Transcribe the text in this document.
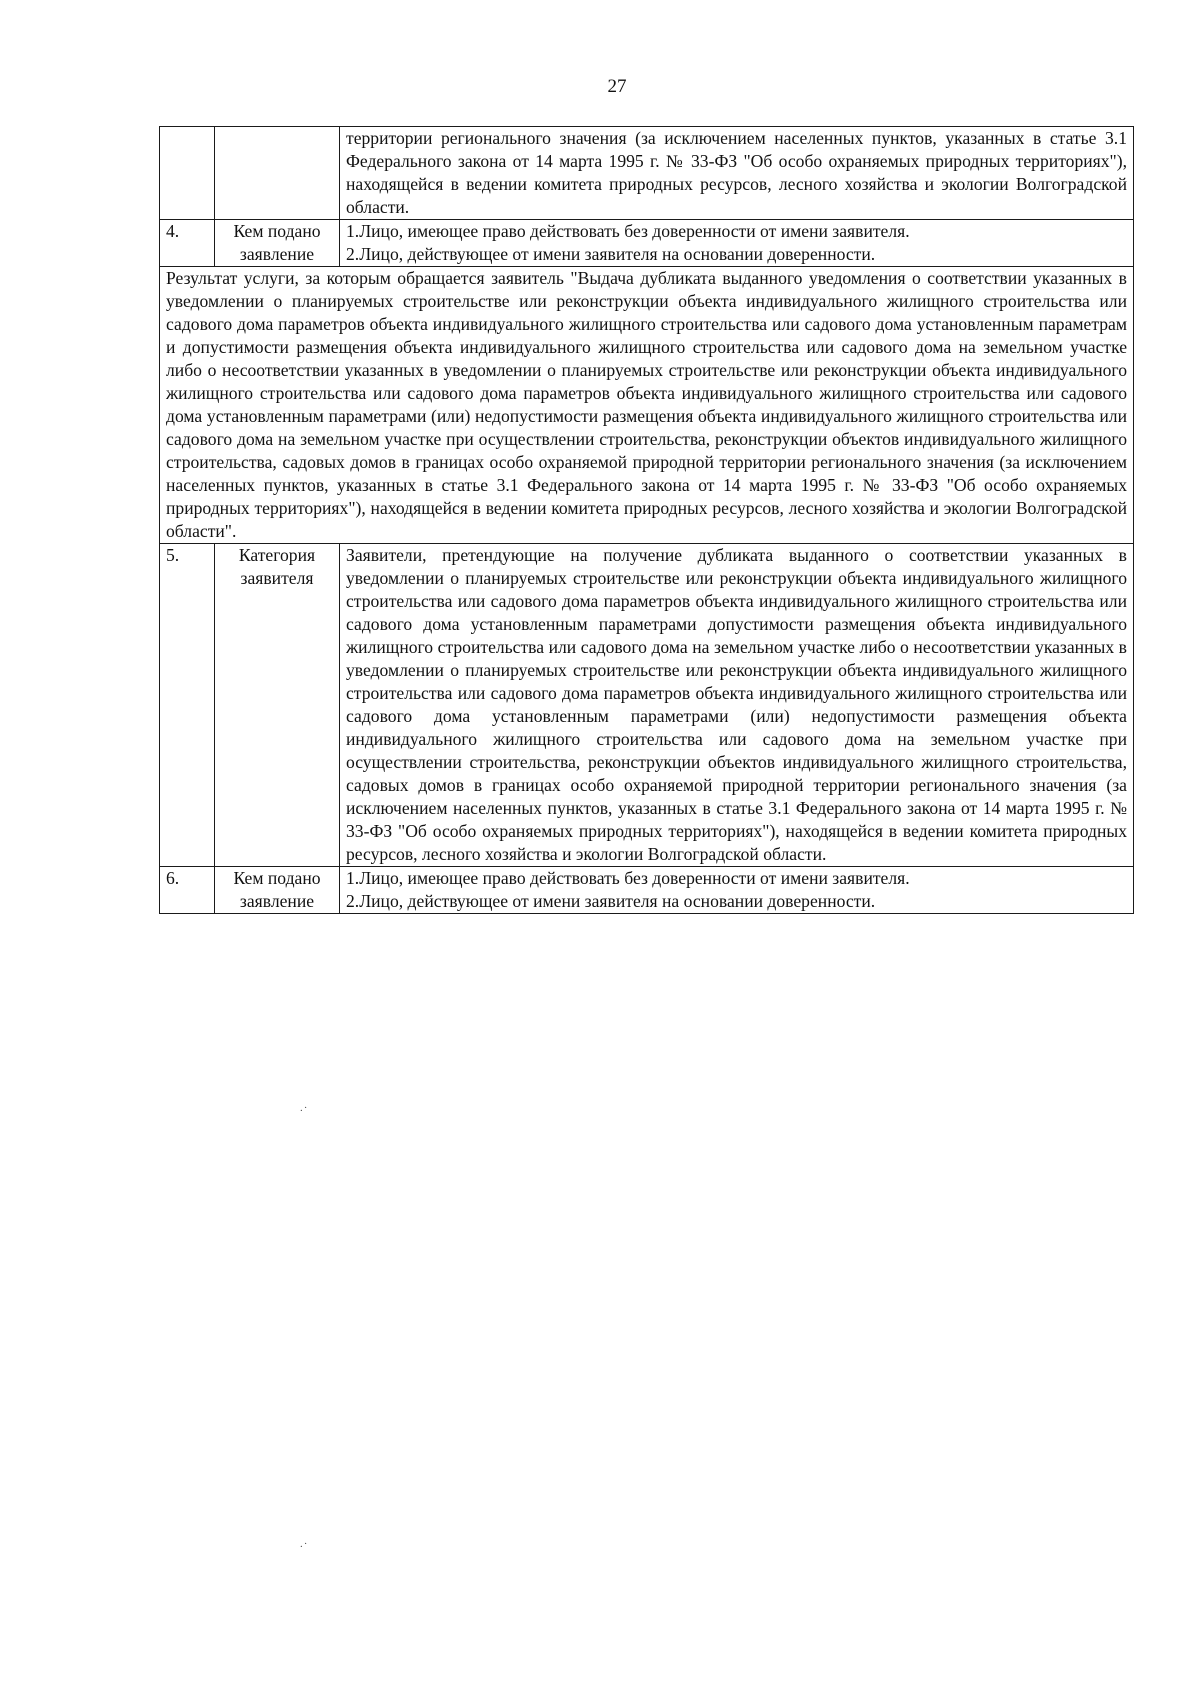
27
		территории регионального значения (за исключением населенных пунктов, указанных в статье 3.1 Федерального закона от 14 марта 1995 г. № 33-ФЗ "Об особо охраняемых природных территориях"), находящейся в ведении комитета природных ресурсов, лесного хозяйства и экологии Волгоградской области.
4.	Кем подано заявление	1.Лицо, имеющее право действовать без доверенности от имени заявителя.
2.Лицо, действующее от имени заявителя на основании доверенности.

Результат услуги, за которым обращается заявитель "Выдача дубликата выданного уведомления о соответствии указанных в уведомлении о планируемых строительстве или реконструкции объекта индивидуального жилищного строительства или садового дома параметров объекта индивидуального жилищного строительства или садового дома установленным параметрам и допустимости размещения объекта индивидуального жилищного строительства или садового дома на земельном участке либо о несоответствии указанных в уведомлении о планируемых строительстве или реконструкции объекта индивидуального жилищного строительства или садового дома параметров объекта индивидуального жилищного строительства или садового дома установленным параметрами (или) недопустимости размещения объекта индивидуального жилищного строительства или садового дома на земельном участке при осуществлении строительства, реконструкции объектов индивидуального жилищного строительства, садовых домов в границах особо охраняемой природной территории регионального значения (за исключением населенных пунктов, указанных в статье 3.1 Федерального закона от 14 марта 1995 г. № 33-ФЗ "Об особо охраняемых природных территориях"), находящейся в ведении комитета природных ресурсов, лесного хозяйства и экологии Волгоградской области".		
5.	Категория заявителя	Заявители, претендующие на получение дубликата выданного о соответствии указанных в уведомлении о планируемых строительстве или реконструкции объекта индивидуального жилищного строительства или садового дома параметров объекта индивидуального жилищного строительства или садового дома установленным параметрами допустимости размещения объекта индивидуального жилищного строительства или садового дома на земельном участке либо о несоответствии указанных в уведомлении о планируемых строительстве или реконструкции объекта индивидуального жилищного строительства или садового дома параметров объекта индивидуального жилищного строительства или садового дома установленным параметрами (или) недопустимости размещения объекта индивидуального жилищного строительства или садового дома на земельном участке при осуществлении строительства, реконструкции объектов индивидуального жилищного строительства, садовых домов в границах особо охраняемой природной территории регионального значения (за исключением населенных пунктов, указанных в статье 3.1 Федерального закона от 14 марта 1995 г. № 33-ФЗ "Об особо охраняемых природных территориях"), находящейся в ведении комитета природных ресурсов, лесного хозяйства и экологии Волгоградской области.
6.	Кем подано заявление	1.Лицо, имеющее право действовать без доверенности от имени заявителя.
2.Лицо, действующее от имени заявителя на основании доверенности.
.·
.·
